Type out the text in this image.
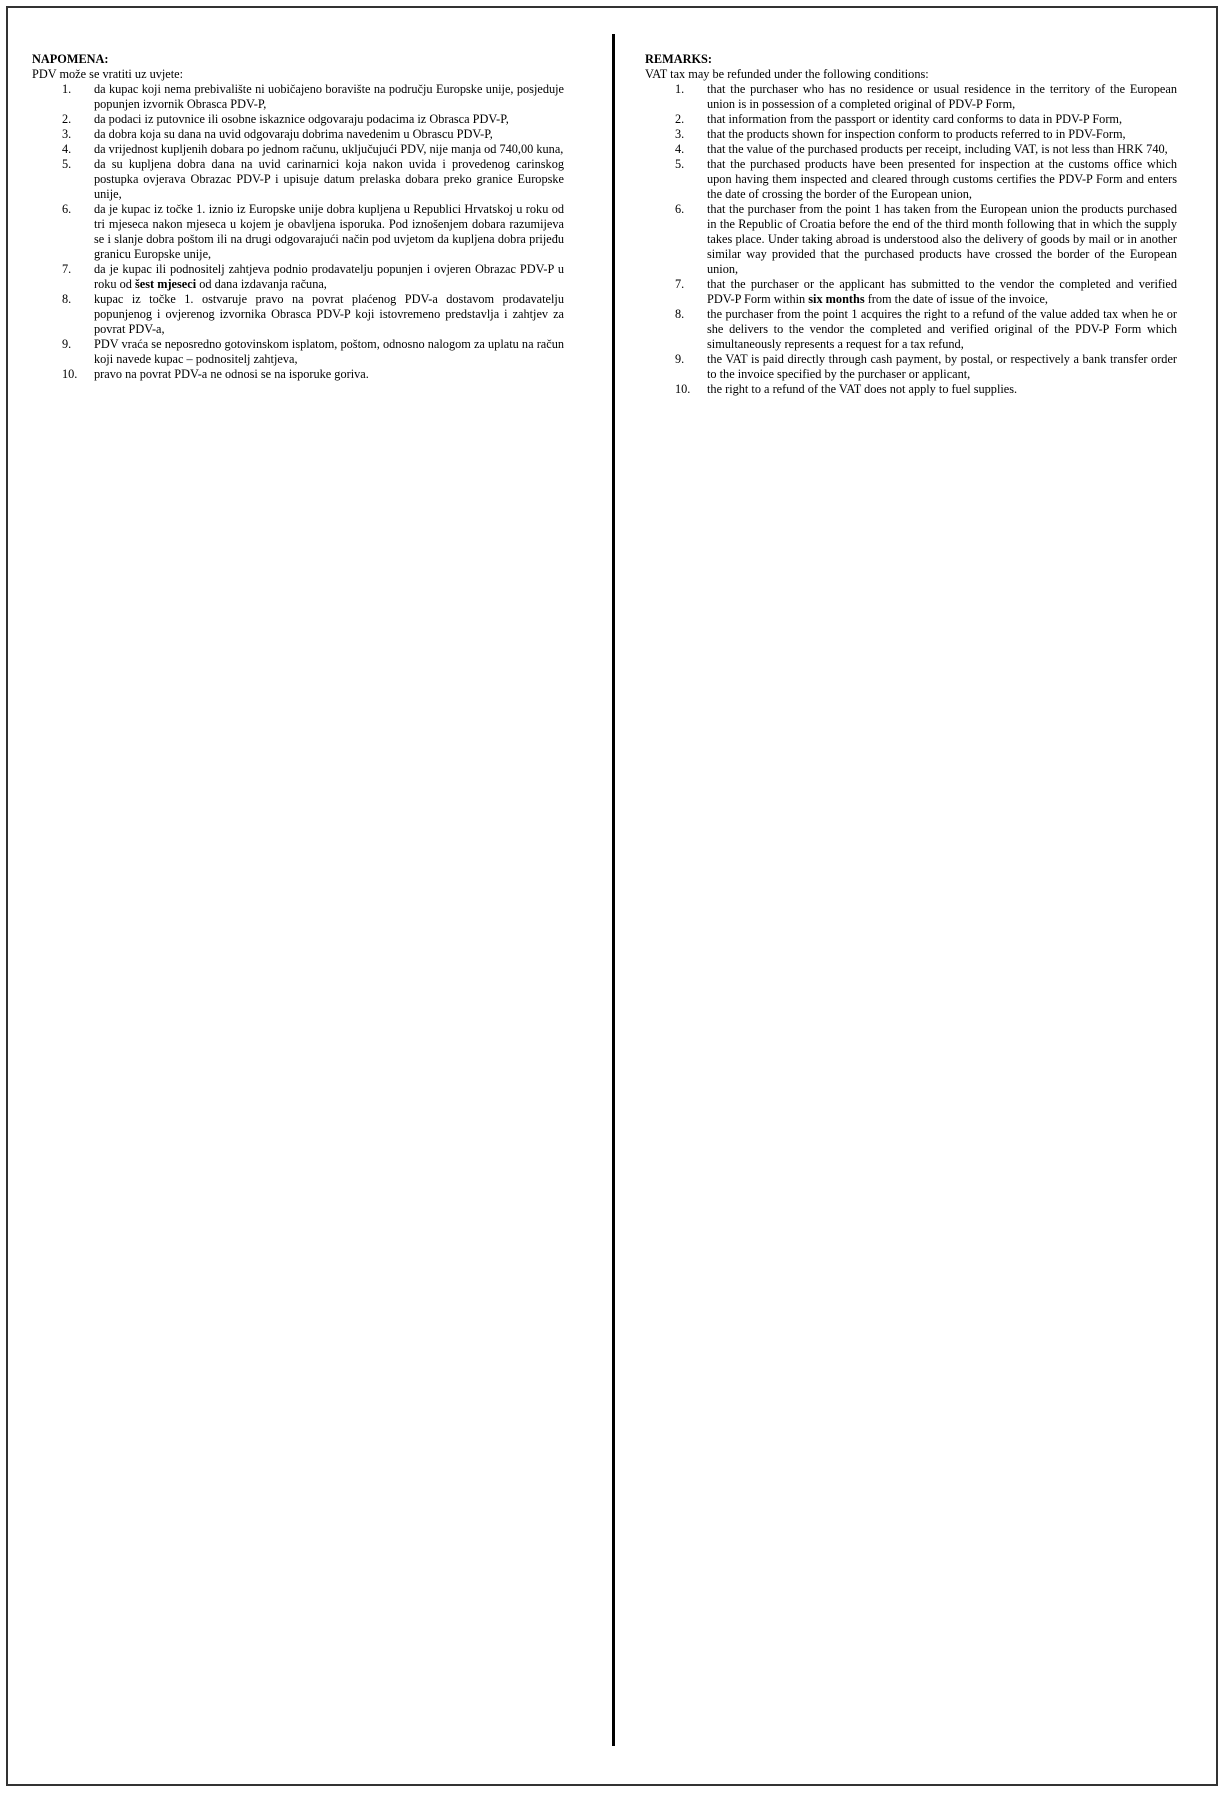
NAPOMENA:

PDV može se vratiti uz uvjete:

1.	da kupac koji nema prebivalište ni uobičajeno boravište na području Europske unije, posjeduje popunjen izvornik Obrasca PDV-P,
2.	da podaci iz putovnice ili osobne iskaznice odgovaraju podacima iz Obrasca PDV-P,
3.	da dobra koja su dana na uvid odgovaraju dobrima navedenim u Obrascu PDV-P,
4.	da vrijednost kupljenih dobara po jednom računu, uključujući PDV, nije manja od 740,00 kuna,
5.	da su kupljena dobra dana na uvid carinarnici koja nakon uvida i provedenog carinskog postupka ovjerava Obrazac PDV-P i upisuje datum prelaska dobara preko granice Europske unije,
6.	da je kupac iz točke 1. iznio iz Europske unije dobra kupljena u Republici Hrvatskoj u roku od tri mjeseca nakon mjeseca u kojem je obavljena isporuka. Pod iznošenjem dobara razumijeva se i slanje dobra poštom ili na drugi odgovarajući način pod uvjetom da kupljena dobra prijeđu granicu Europske unije,
7.	da je kupac ili podnositelj zahtjeva podnio prodavatelju popunjen i ovjeren Obrazac PDV-P u roku od šest mjeseci od dana izdavanja računa,
8.	kupac iz točke 1. ostvaruje pravo na povrat plaćenog PDV-a dostavom prodavatelju popunjenog i ovjerenog izvornika Obrasca PDV-P koji istovremeno predstavlja i zahtjev za povrat PDV-a,
9.	PDV vraća se neposredno gotovinskom isplatom, poštom, odnosno nalogom za uplatu na račun koji navede kupac – podnositelj zahtjeva,
10.	pravo na povrat PDV-a ne odnosi se na isporuke goriva.

REMARKS:

VAT tax may be refunded under the following conditions:

1.	that the purchaser who has no residence or usual residence in the territory of the European union is in possession of a completed original of PDV-P Form,
2.	that information from the passport or identity card conforms to data in PDV-P Form,
3.	that the products shown for inspection conform to products referred to in PDV-Form,
4.	that the value of the purchased products per receipt, including VAT, is not less than HRK 740,
5.	that the purchased products have been presented for inspection at the customs office which upon having them inspected and cleared through customs certifies the PDV-P Form and enters the date of crossing the border of the European union,
6.	that the purchaser from the point 1 has taken from the European union the products purchased in the Republic of Croatia before the end of the third month following that in which the supply takes place. Under taking abroad is understood also the delivery of goods by mail or in another similar way provided that the purchased products have crossed the border of the European union,
7.	that the purchaser or the applicant has submitted to the vendor the completed and verified PDV-P Form within six months from the date of issue of the invoice,
8.	the purchaser from the point 1 acquires the right to a refund of the value added tax when he or she delivers to the vendor the completed and verified original of the PDV-P Form which simultaneously represents a request for a tax refund,
9.	the VAT is paid directly through cash payment, by postal, or respectively a bank transfer order to the invoice specified by the purchaser or applicant,
10.	the right to a refund of the VAT does not apply to fuel supplies.
